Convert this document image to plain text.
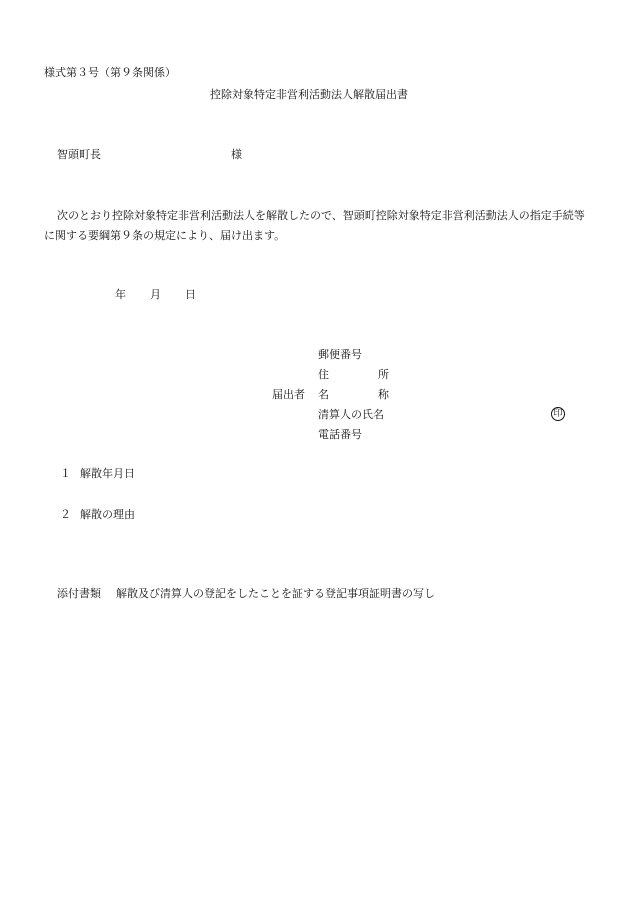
様式第３号（第９条関係）
控除対象特定非営利活動法人解散届出書
智頭町長	様
次のとおり控除対象特定非営利活動法人を解散したので、智頭町控除対象特定非営利活動法人の指定手続等に関する要綱第９条の規定により、届け出ます。
年 月 日
届出者
郵便番号
住	所
名	称
清算人の氏名	印
電話番号
１ 解散年月日
２ 解散の理由
添付書類 解散及び清算人の登記をしたことを証する登記事項証明書の写し
